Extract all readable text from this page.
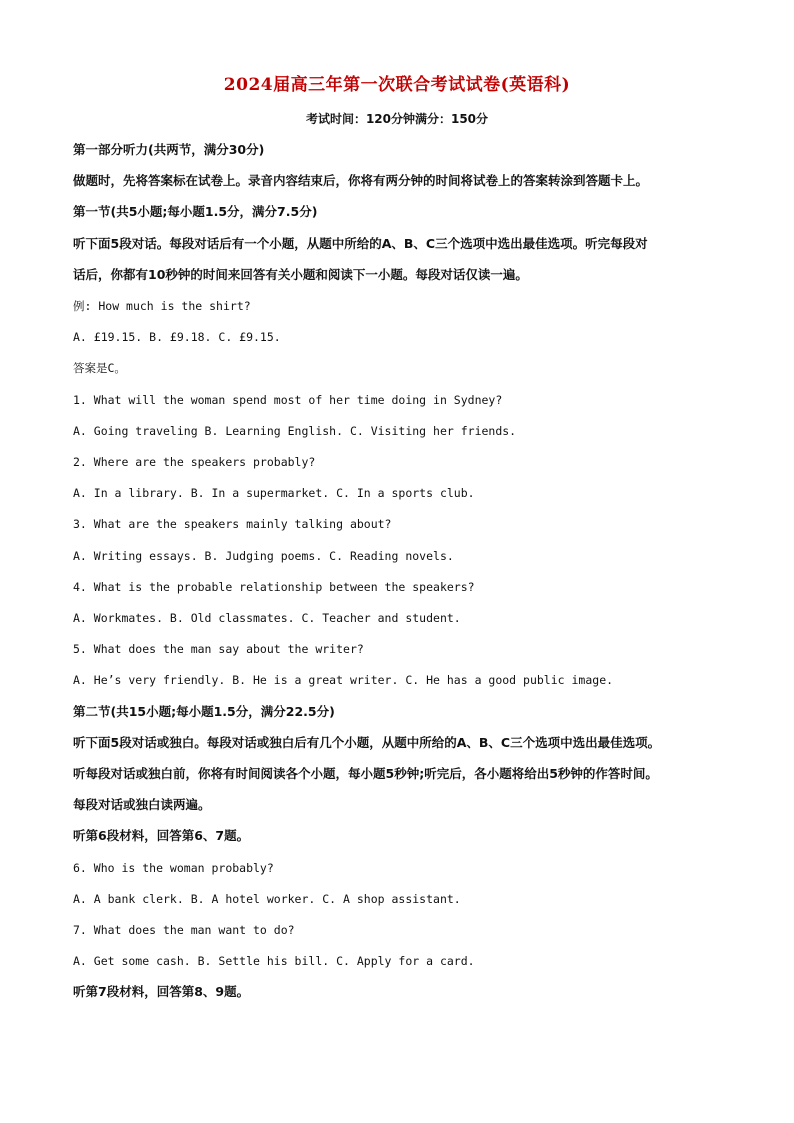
2024届高三年第一次联合考试试卷(英语科)
考试时间：120分钟满分：150分
第一部分听力(共两节，满分30分)
做题时，先将答案标在试卷上。录音内容结束后，你将有两分钟的时间将试卷上的答案转涂到答题卡上。
第一节(共5小题;每小题1.5分，满分7.5分)
听下面5段对话。每段对话后有一个小题，从题中所给的A、B、C三个选项中选出最佳选项。听完每段对
话后，你都有10秒钟的时间来回答有关小题和阅读下一小题。每段对话仅读一遍。
例: How much is the shirt?
A. £19.15. B. £9.18. C. £9.15.
答案是C。
1. What will the woman spend most of her time doing in Sydney?
A. Going traveling B. Learning English. C. Visiting her friends.
2. Where are the speakers probably?
A. In a library. B. In a supermarket. C. In a sports club.
3. What are the speakers mainly talking about?
A. Writing essays. B. Judging poems. C. Reading novels.
4. What is the probable relationship between the speakers?
A. Workmates. B. Old classmates. C. Teacher and student.
5. What does the man say about the writer?
A. He’s very friendly. B. He is a great writer. C. He has a good public image.
第二节(共15小题;每小题1.5分，满分22.5分)
听下面5段对话或独白。每段对话或独白后有几个小题，从题中所给的A、B、C三个选项中选出最佳选项。
听每段对话或独白前，你将有时间阅读各个小题，每小题5秒钟;听完后，各小题将给出5秒钟的作答时间。
每段对话或独白读两遍。
听第6段材料，回答第6、7题。
6. Who is the woman probably?
A. A bank clerk. B. A hotel worker. C. A shop assistant.
7. What does the man want to do?
A. Get some cash. B. Settle his bill. C. Apply for a card.
听第7段材料，回答第8、9题。
